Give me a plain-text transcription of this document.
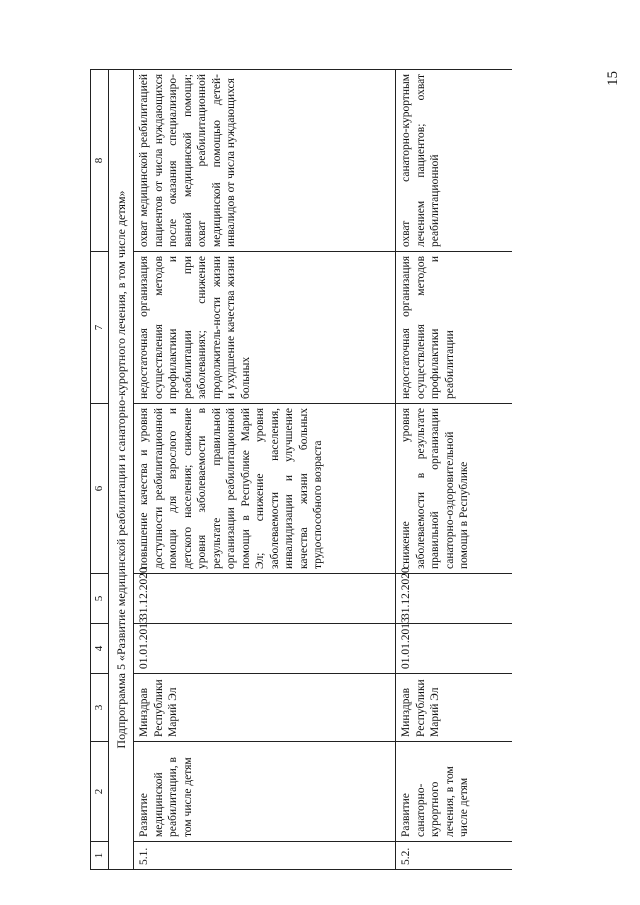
15
1	2	3	4	5	6	7	8
Подпрограмма 5 «Развитие медицинской реабилитации и санаторно-курортного лечения, в том числе детям»							
5.1.	Развитие медицинской реабилитации, в том числе детям	Минздрав Республики Марий Эл	01.01.2013	31.12.2020	повышение качества и уровня доступности реабилитационной помощи для взрослого и детского населения; снижение уровня заболеваемости в результате правильной организации реабилитационной помощи в Республике Марий Эл; снижение уровня заболеваемости населения, инвалидизации и улучшение качества жизни больных трудоспособного возраста	недостаточная организация осуществления методов профилактики и реабилитации при заболеваниях; снижение продолжитель-ности жизни и ухудшение качества жизни больных	охват медицинской реабилитацией пациентов от числа нуждающихся после оказания специализиро-ванной медицинской помощи; охват реабилитационной медицинской помощью детей-инвалидов от числа нуждающихся
5.2.	Развитие санаторно-курортного лечения, в том числе детям	Минздрав Республики Марий Эл	01.01.2013	31.12.2020	снижение уровня заболеваемости в результате правильной организации санаторно-оздоровительной помощи в Республике	недостаточная организация осуществления методов профилактики и реабилитации	охват санаторно-курортным лечением пациентов; охват реабилитационной
